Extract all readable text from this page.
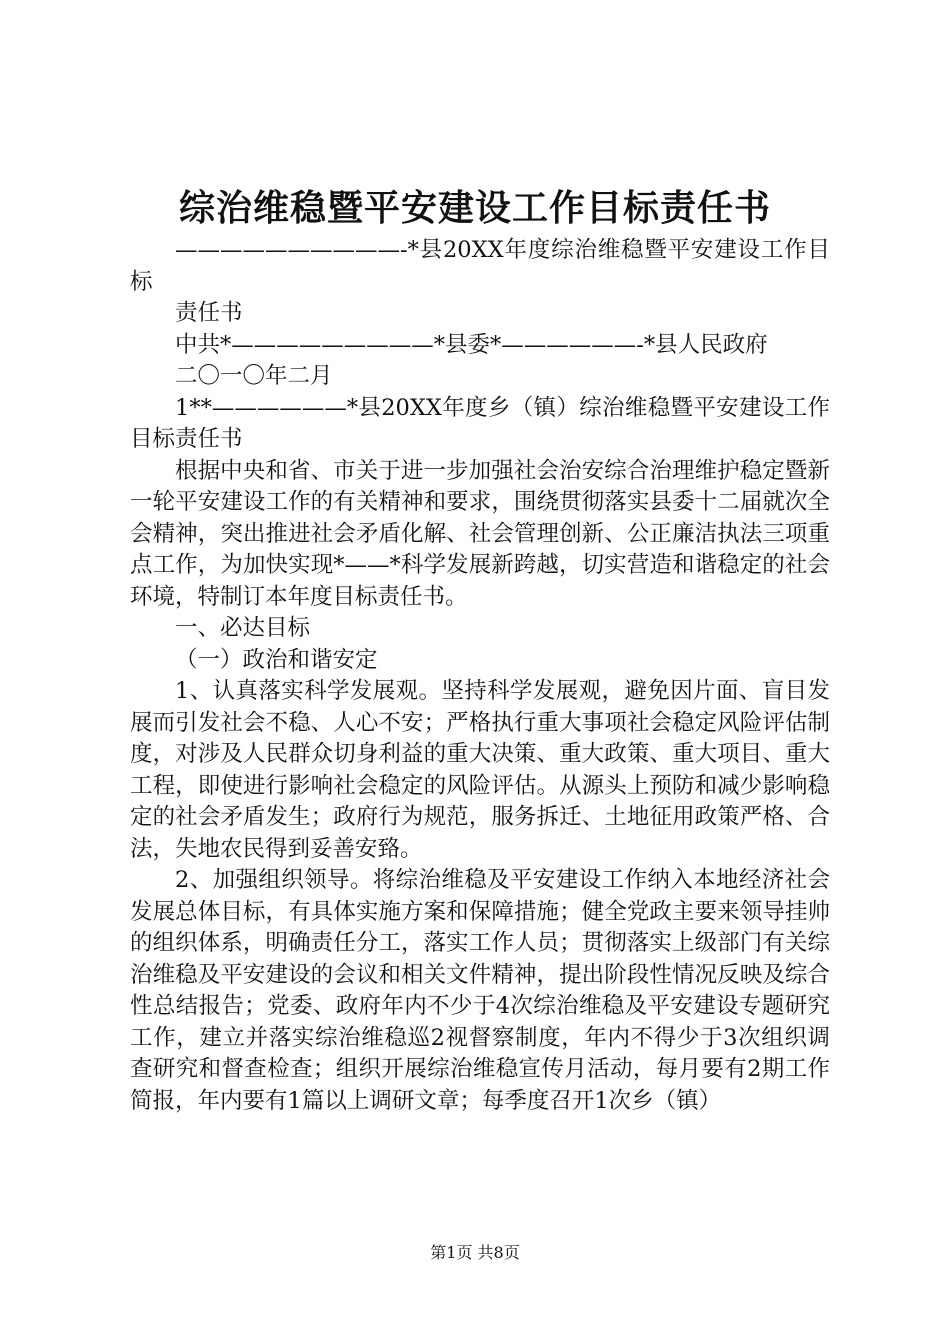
综治维稳暨平安建设工作目标责任书

——————————-*县20XX年度综治维稳暨平安建设工作目标

责任书

中共*—————————*县委*——————-*县人民政府

二〇一〇年二月

1**——————*县20XX年度乡（镇）综治维稳暨平安建设工作目标责任书

根据中央和省、市关于进一步加强社会治安综合治理维护稳定暨新一轮平安建设工作的有关精神和要求，围绕贯彻落实县委十二届就次全会精神，突出推进社会矛盾化解、社会管理创新、公正廉洁执法三项重点工作，为加快实现*——*科学发展新跨越，切实营造和谐稳定的社会环境，特制订本年度目标责任书。

一、必达目标

（一）政治和谐安定

1、认真落实科学发展观。坚持科学发展观，避免因片面、盲目发展而引发社会不稳、人心不安；严格执行重大事项社会稳定风险评估制度，对涉及人民群众切身利益的重大决策、重大政策、重大项目、重大工程，即使进行影响社会稳定的风险评估。从源头上预防和减少影响稳定的社会矛盾发生；政府行为规范，服务拆迁、土地征用政策严格、合法，失地农民得到妥善安臵。

2、加强组织领导。将综治维稳及平安建设工作纳入本地经济社会发展总体目标，有具体实施方案和保障措施；健全党政主要来领导挂帅的组织体系，明确责任分工，落实工作人员；贯彻落实上级部门有关综治维稳及平安建设的会议和相关文件精神，提出阶段性情况反映及综合性总结报告；党委、政府年内不少于4次综治维稳及平安建设专题研究工作，建立并落实综治维稳巡2视督察制度，年内不得少于3次组织调查研究和督查检查；组织开展综治维稳宣传月活动，每月要有2期工作简报，年内要有1篇以上调研文章；每季度召开1次乡（镇）

第1页 共8页
